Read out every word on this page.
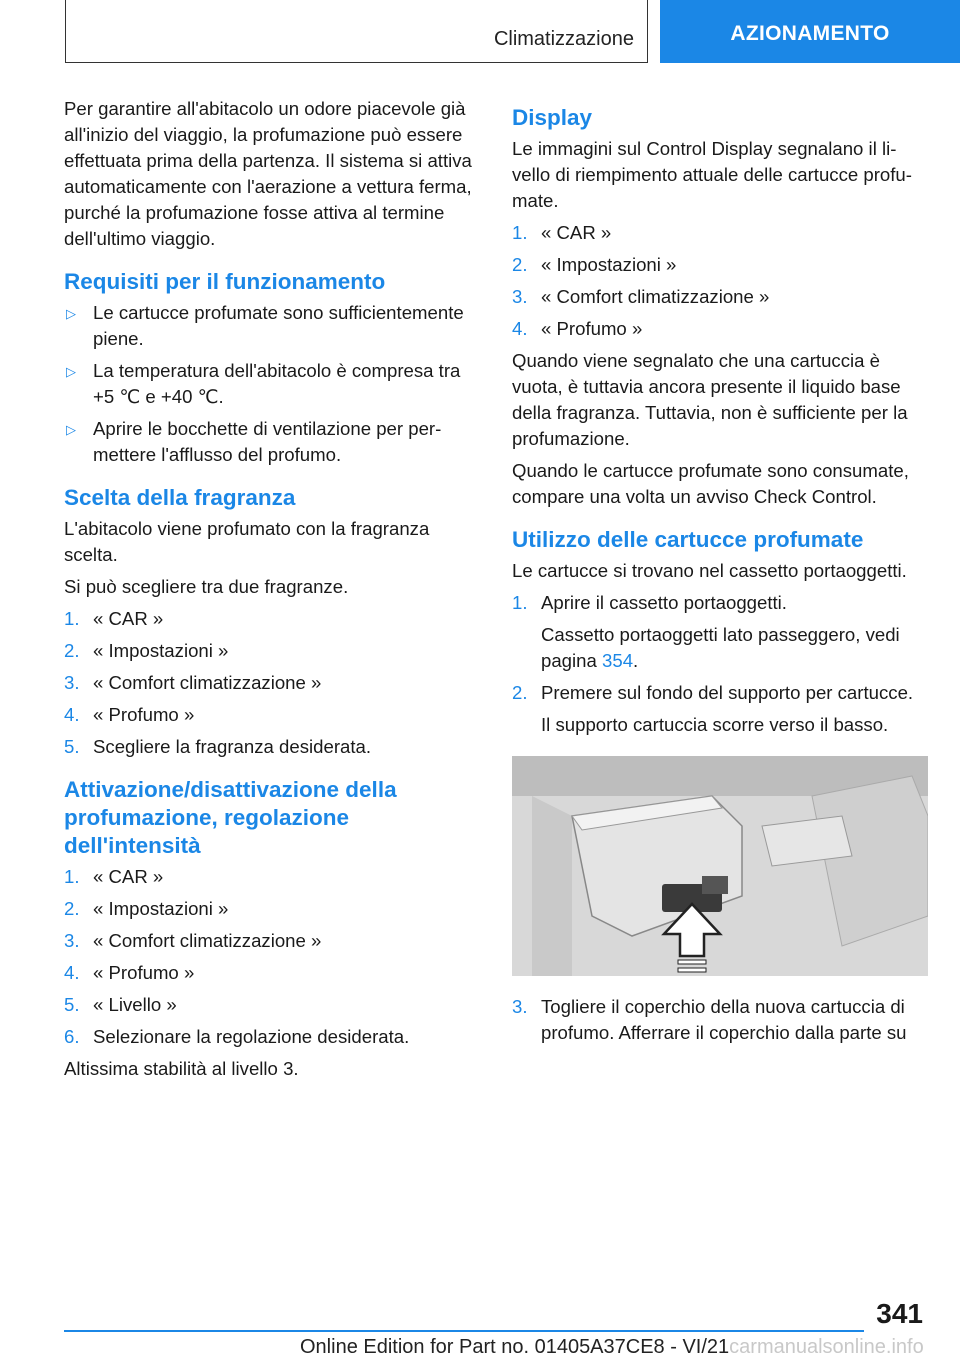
Climatizzazione	AZIONAMENTO

Per garantire all'abitacolo un odore piacevole già all'inizio del viaggio, la profumazione può essere effettuata prima della partenza. Il sistema si attiva automaticamente con l'aerazione a vettura ferma, purché la profumazione fosse attiva al termine dell'ultimo viaggio.

Requisiti per il funzionamento
▷ Le cartucce profumate sono sufficientemente piene.
▷ La temperatura dell'abitacolo è compresa tra +5 ℃ e +40 ℃.
▷ Aprire le bocchette di ventilazione per permettere l'afflusso del profumo.
Scelta della fragranza

L'abitacolo viene profumato con la fragranza scelta.

Si può scegliere tra due fragranze.

1. « CAR »
2. « Impostazioni »
3. « Comfort climatizzazione »
4. « Profumo »
5. Scegliere la fragranza desiderata.
Attivazione/disattivazione della profumazione, regolazione dell'intensità
1. « CAR »
2. « Impostazioni »
3. « Comfort climatizzazione »
4. « Profumo »
5. « Livello »
6. Selezionare la regolazione desiderata.

Altissima stabilità al livello 3.

Display

Le immagini sul Control Display segnalano il livello di riempimento attuale delle cartucce profumate.

1. « CAR »
2. « Impostazioni »
3. « Comfort climatizzazione »
4. « Profumo »

Quando viene segnalato che una cartuccia è vuota, è tuttavia ancora presente il liquido base della fragranza. Tuttavia, non è sufficiente per la profumazione.

Quando le cartucce profumate sono consumate, compare una volta un avviso Check Control.

Utilizzo delle cartucce profumate

Le cartucce si trovano nel cassetto portaoggetti.

1. Aprire il cassetto portaoggetti.

Cassetto portaoggetti lato passeggero, vedi pagina 354.

2. Premere sul fondo del supporto per cartucce.

Il supporto cartuccia scorre verso il basso.

3. Togliere il coperchio della nuova cartuccia di profumo. Afferrare il coperchio dalla parte su
341
Online Edition for Part no. 01405A37CE8 - VI/21carmanualsonline.info
